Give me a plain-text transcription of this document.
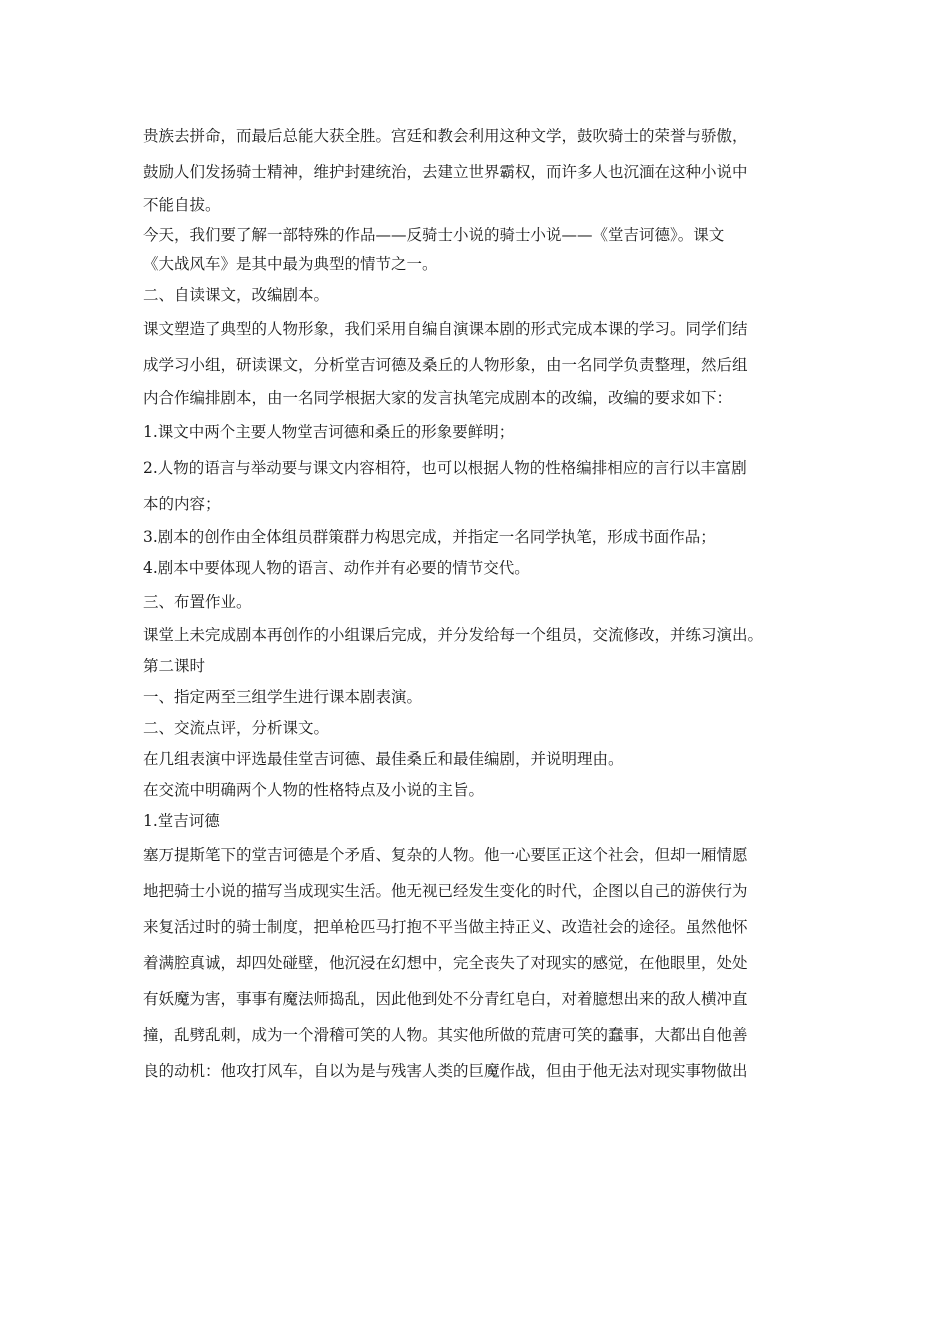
贵族去拼命，而最后总能大获全胜。宫廷和教会利用这种文学，鼓吹骑士的荣誉与骄傲，
鼓励人们发扬骑士精神，维护封建统治，去建立世界霸权，而许多人也沉湎在这种小说中
不能自拔。
今天，我们要了解一部特殊的作品——反骑士小说的骑士小说——《堂吉诃德》。课文
《大战风车》是其中最为典型的情节之一。
二、自读课文，改编剧本。
课文塑造了典型的人物形象，我们采用自编自演课本剧的形式完成本课的学习。同学们结
成学习小组，研读课文，分析堂吉诃德及桑丘的人物形象，由一名同学负责整理，然后组
内合作编排剧本，由一名同学根据大家的发言执笔完成剧本的改编，改编的要求如下：
1.课文中两个主要人物堂吉诃德和桑丘的形象要鲜明；
2.人物的语言与举动要与课文内容相符，也可以根据人物的性格编排相应的言行以丰富剧
本的内容；
3.剧本的创作由全体组员群策群力构思完成，并指定一名同学执笔，形成书面作品；
4.剧本中要体现人物的语言、动作并有必要的情节交代。
三、布置作业。
课堂上未完成剧本再创作的小组课后完成，并分发给每一个组员，交流修改，并练习演出。
第二课时
一、指定两至三组学生进行课本剧表演。
二、交流点评，分析课文。
在几组表演中评选最佳堂吉诃德、最佳桑丘和最佳编剧，并说明理由。
在交流中明确两个人物的性格特点及小说的主旨。
1.堂吉诃德
塞万提斯笔下的堂吉诃德是个矛盾、复杂的人物。他一心要匡正这个社会，但却一厢情愿
地把骑士小说的描写当成现实生活。他无视已经发生变化的时代，企图以自己的游侠行为
来复活过时的骑士制度，把单枪匹马打抱不平当做主持正义、改造社会的途径。虽然他怀
着满腔真诚，却四处碰壁，他沉浸在幻想中，完全丧失了对现实的感觉，在他眼里，处处
有妖魔为害，事事有魔法师捣乱，因此他到处不分青红皂白，对着臆想出来的敌人横冲直
撞，乱劈乱刺，成为一个滑稽可笑的人物。其实他所做的荒唐可笑的蠢事，大都出自他善
良的动机：他攻打风车，自以为是与残害人类的巨魔作战，但由于他无法对现实事物做出
